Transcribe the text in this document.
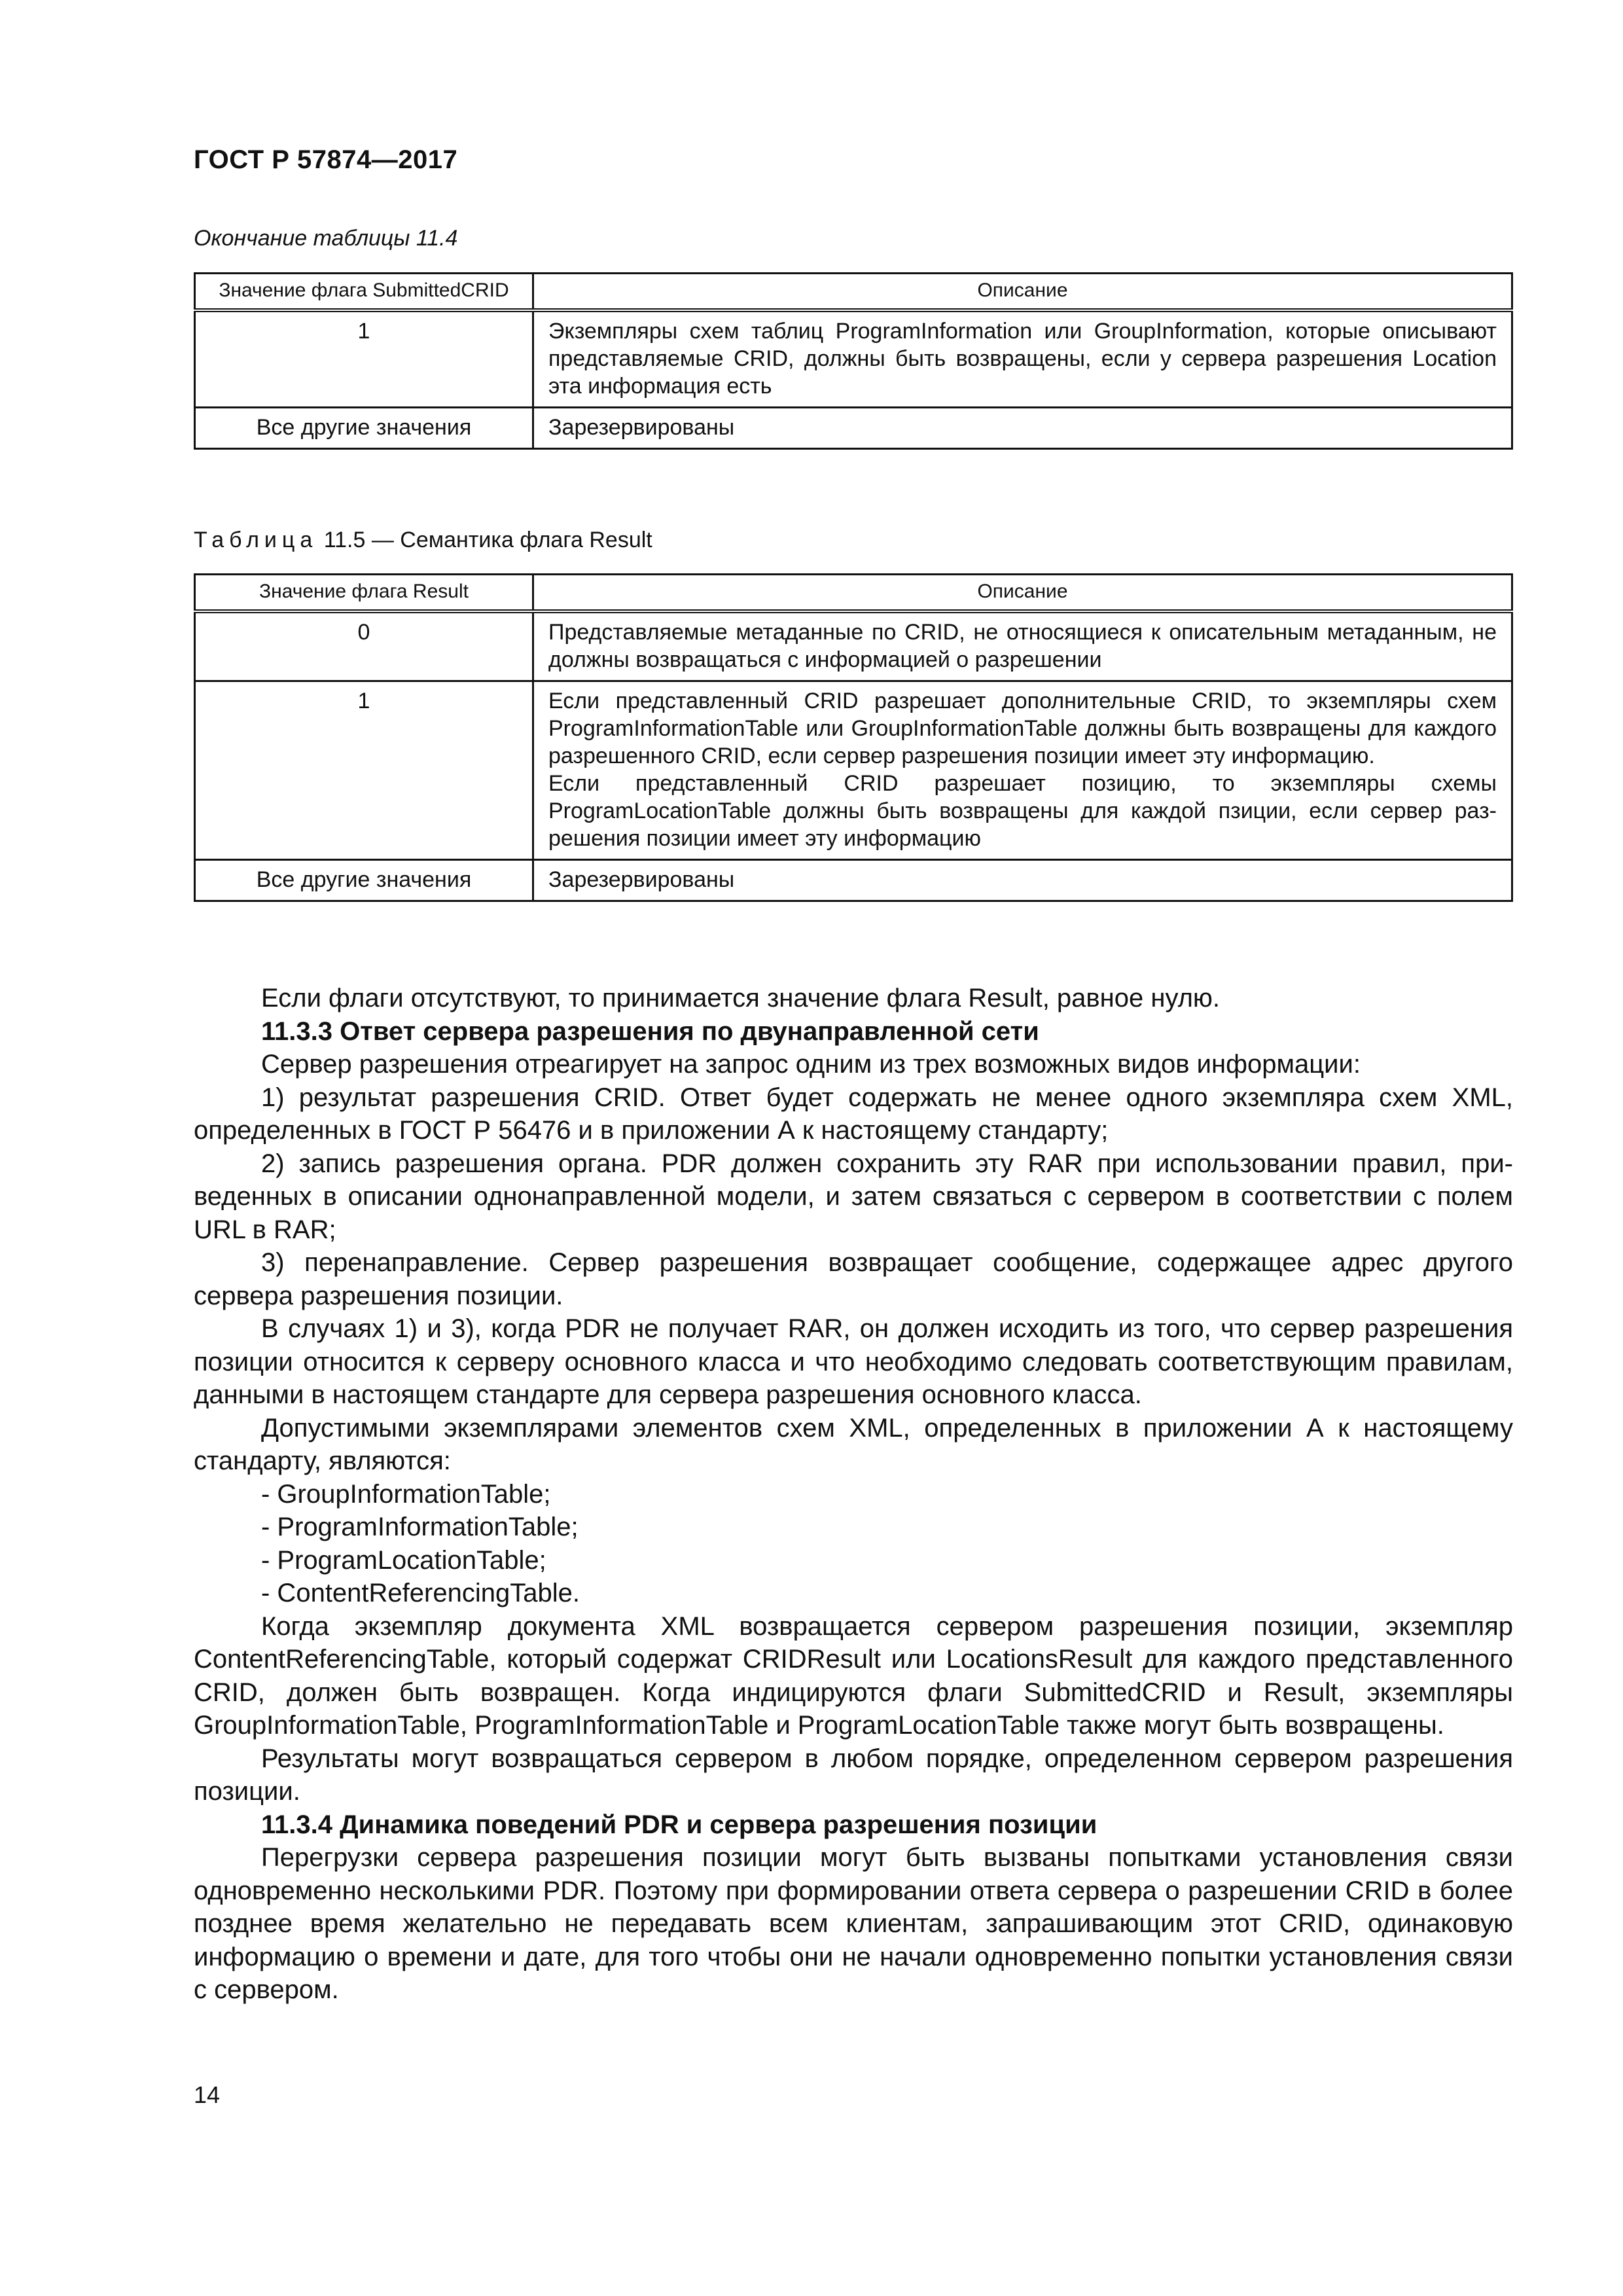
ГОСТ Р 57874—2017
Окончание таблицы 11.4
Значение флага SubmittedCRID	Описание
1	Экземпляры схем таблиц ProgramInformation или GroupInformation, которые описывают представляемые CRID, должны быть возвращены, если у сервера разрешения Location эта информация есть
Все другие значения	Зарезервированы
Таблица 11.5 — Семантика флага Result
Значение флага Result	Описание
0	Представляемые метаданные по CRID, не относящиеся к описательным метаданным, не должны возвращаться с информацией о разрешении
1	Если представленный CRID разрешает дополнительные CRID, то экземпляры схем ProgramInformationTable или GroupInformationTable должны быть возвращены для каждого разрешенного CRID, если сервер разрешения позиции имеет эту информацию.
Если представленный CRID разрешает позицию, то экземпляры схемы ProgramLocationTable должны быть возвращены для каждой пзиции, если сервер разрешения позиции имеет эту информацию

Все другие значения	Зарезервированы

Если флаги отсутствуют, то принимается значение флага Result, равное нулю.

11.3.3 Ответ сервера разрешения по двунаправленной сети

Сервер разрешения отреагирует на запрос одним из трех возможных видов информации:

1) результат разрешения CRID. Ответ будет содержать не менее одного экземпляра схем XML, определенных в ГОСТ Р 56476 и в приложении А к настоящему стандарту;

2) запись разрешения органа. PDR должен сохранить эту RAR при использовании правил, приведенных в описании однонаправленной модели, и затем связаться с сервером в соответствии с полем URL в RAR;

3) перенаправление. Сервер разрешения возвращает сообщение, содержащее адрес другого сервера разрешения позиции.

В случаях 1) и 3), когда PDR не получает RAR, он должен исходить из того, что сервер разрешения позиции относится к серверу основного класса и что необходимо следовать соответствующим правилам, данными в настоящем стандарте для сервера разрешения основного класса.

Допустимыми экземплярами элементов схем XML, определенных в приложении А к настоящему стандарту, являются:

- GroupInformationTable;

- ProgramInformationTable;

- ProgramLocationTable;

- ContentReferencingTable.

Когда экземпляр документа XML возвращается сервером разрешения позиции, экземпляр ContentReferencingTable, который содержат CRIDResult или LocationsResult для каждого представленного CRID, должен быть возвращен. Когда индицируются флаги SubmittedCRID и Result, экземпляры GroupInformationTable, ProgramInformationTable и ProgramLocationTable также могут быть возвращены.

Результаты могут возвращаться сервером в любом порядке, определенном сервером разрешения позиции.

11.3.4 Динамика поведений PDR и сервера разрешения позиции

Перегрузки сервера разрешения позиции могут быть вызваны попытками установления связи одновременно несколькими PDR. Поэтому при формировании ответа сервера о разрешении CRID в более позднее время желательно не передавать всем клиентам, запрашивающим этот CRID, одинаковую информацию о времени и дате, для того чтобы они не начали одновременно попытки установления связи с сервером.

14
